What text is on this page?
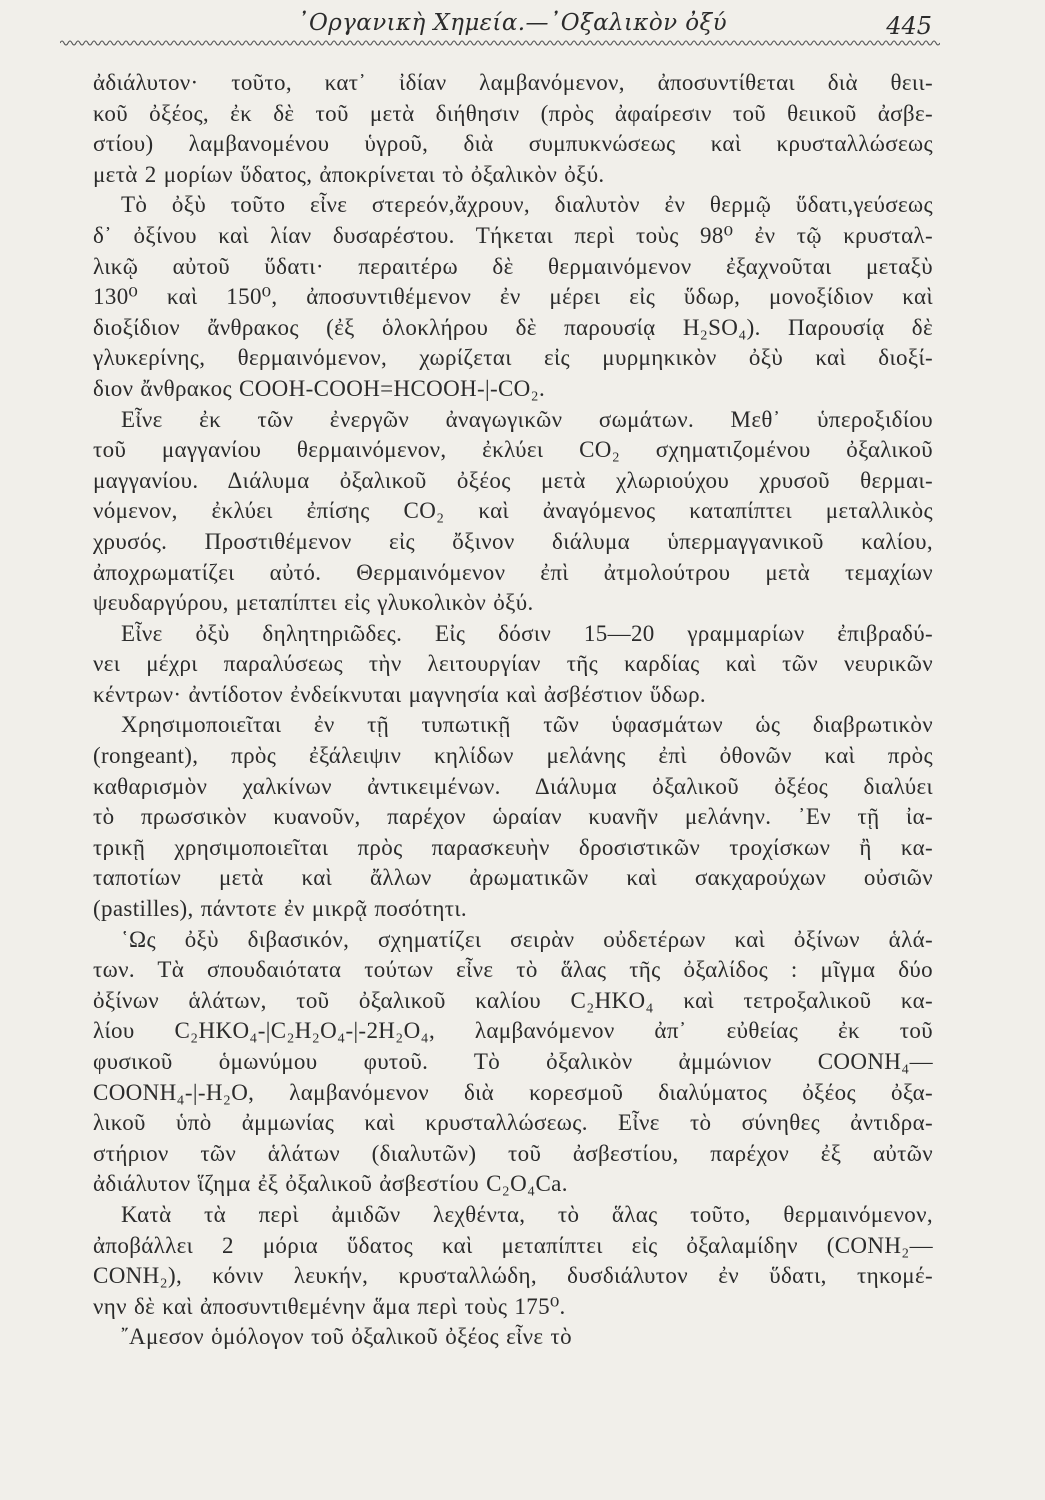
᾿Οργανικὴ Χημεία.—᾿Οξαλικὸν ὀξύ	445
ἀδιάλυτον· τοῦτο, κατ᾿ ἰδίαν λαμβανόμενον, ἀποσυντίθεται διὰ θειι-
κοῦ ὀξέος, ἐκ δὲ τοῦ μετὰ διήθησιν (πρὸς ἀφαίρεσιν τοῦ θειικοῦ ἀσβε-
στίου) λαμβανομένου ὑγροῦ, διὰ συμπυκνώσεως καὶ κρυσταλλώσεως
μετὰ 2 μορίων ὕδατος, ἀποκρίνεται τὸ ὀξαλικὸν ὀξύ.
Τὸ ὀξὺ τοῦτο εἶνε στερεόν,ἄχρουν, διαλυτὸν ἐν θερμῷ ὕδατι,γεύσεως
δ᾿ ὀξίνου καὶ λίαν δυσαρέστου. Τήκεται περὶ τοὺς 98⁰ ἐν τῷ κρυσταλ-
λικῷ αὐτοῦ ὕδατι· περαιτέρω δὲ θερμαινόμενον ἐξαχνοῦται μεταξὺ
130⁰ καὶ 150⁰, ἀποσυντιθέμενον ἐν μέρει εἰς ὕδωρ, μονοξίδιον καὶ
διοξίδιον ἄνθρακος (ἐξ ὁλοκλήρου δὲ παρουσίᾳ H₂SO₄). Παρουσίᾳ δὲ
γλυκερίνης, θερμαινόμενον, χωρίζεται εἰς μυρμηκικὸν ὀξὺ καὶ διοξί-
διον ἄνθρακος COOH-COOH=HCOOH-|-CO₂.
Εἶνε ἐκ τῶν ἐνεργῶν ἀναγωγικῶν σωμάτων. Μεθ᾿ ὑπεροξιδίου
τοῦ μαγγανίου θερμαινόμενον, ἐκλύει CO₂ σχηματιζομένου ὀξαλικοῦ
μαγγανίου. Διάλυμα ὀξαλικοῦ ὀξέος μετὰ χλωριούχου χρυσοῦ θερμαι-
νόμενον, ἐκλύει ἐπίσης CO₂ καὶ ἀναγόμενος καταπίπτει μεταλλικὸς
χρυσός. Προστιθέμενον εἰς ὄξινον διάλυμα ὑπερμαγγανικοῦ καλίου,
ἀποχρωματίζει αὐτό. Θερμαινόμενον ἐπὶ ἀτμολούτρου μετὰ τεμαχίων
ψευδαργύρου, μεταπίπτει εἰς γλυκολικὸν ὀξύ.
Εἶνε ὀξὺ δηλητηριῶδες. Εἰς δόσιν 15—20 γραμμαρίων ἐπιβραδύ-
νει μέχρι παραλύσεως τὴν λειτουργίαν τῆς καρδίας καὶ τῶν νευρικῶν
κέντρων· ἀντίδοτον ἐνδείκνυται μαγνησία καὶ ἀσβέστιον ὕδωρ.
Χρησιμοποιεῖται ἐν τῇ τυπωτικῇ τῶν ὑφασμάτων ὡς διαβρωτικὸν
(rongeant), πρὸς ἐξάλειψιν κηλίδων μελάνης ἐπὶ ὀθονῶν καὶ πρὸς
καθαρισμὸν χαλκίνων ἀντικειμένων. Διάλυμα ὀξαλικοῦ ὀξέος διαλύει
τὸ πρωσσικὸν κυανοῦν, παρέχον ὡραίαν κυανῆν μελάνην. ᾿Εν τῇ ἰα-
τρικῇ χρησιμοποιεῖται πρὸς παρασκευὴν δροσιστικῶν τροχίσκων ἢ κα-
ταποτίων μετὰ καὶ ἄλλων ἀρωματικῶν καὶ σακχαρούχων οὐσιῶν
(pastilles), πάντοτε ἐν μικρᾷ ποσότητι.
῾Ως ὀξὺ διβασικόν, σχηματίζει σειρὰν οὐδετέρων καὶ ὀξίνων ἁλά-
των. Τὰ σπουδαιότατα τούτων εἶνε τὸ ἅλας τῆς ὀξαλίδος : μῖγμα δύο
ὀξίνων ἁλάτων, τοῦ ὀξαλικοῦ καλίου C₂HKO₄ καὶ τετροξαλικοῦ κα-
λίου C₂HKO₄-|C₂H₂O₄-|-2H₂O₄, λαμβανόμενον ἀπ᾿ εὐθείας ἐκ τοῦ
φυσικοῦ ὁμωνύμου φυτοῦ. Τὸ ὀξαλικὸν ἀμμώνιον COONH₄—
COONH₄-|-H₂O, λαμβανόμενον διὰ κορεσμοῦ διαλύματος ὀξέος ὀξα-
λικοῦ ὑπὸ ἀμμωνίας καὶ κρυσταλλώσεως. Εἶνε τὸ σύνηθες ἀντιδρα-
στήριον τῶν ἁλάτων (διαλυτῶν) τοῦ ἀσβεστίου, παρέχον ἐξ αὐτῶν
ἀδιάλυτον ἵζημα ἐξ ὀξαλικοῦ ἀσβεστίου C₂O₄Ca.
Κατὰ τὰ περὶ ἀμιδῶν λεχθέντα, τὸ ἅλας τοῦτο, θερμαινόμενον,
ἀποβάλλει 2 μόρια ὕδατος καὶ μεταπίπτει εἰς ὀξαλαμίδην (CONH₂—
CONH₂), κόνιν λευκήν, κρυσταλλώδη, δυσδιάλυτον ἐν ὕδατι, τηκομέ-
νην δὲ καὶ ἀποσυντιθεμένην ἅμα περὶ τοὺς 175⁰.
῎Αμεσον ὁμόλογον τοῦ ὀξαλικοῦ ὀξέος εἶνε τὸ
